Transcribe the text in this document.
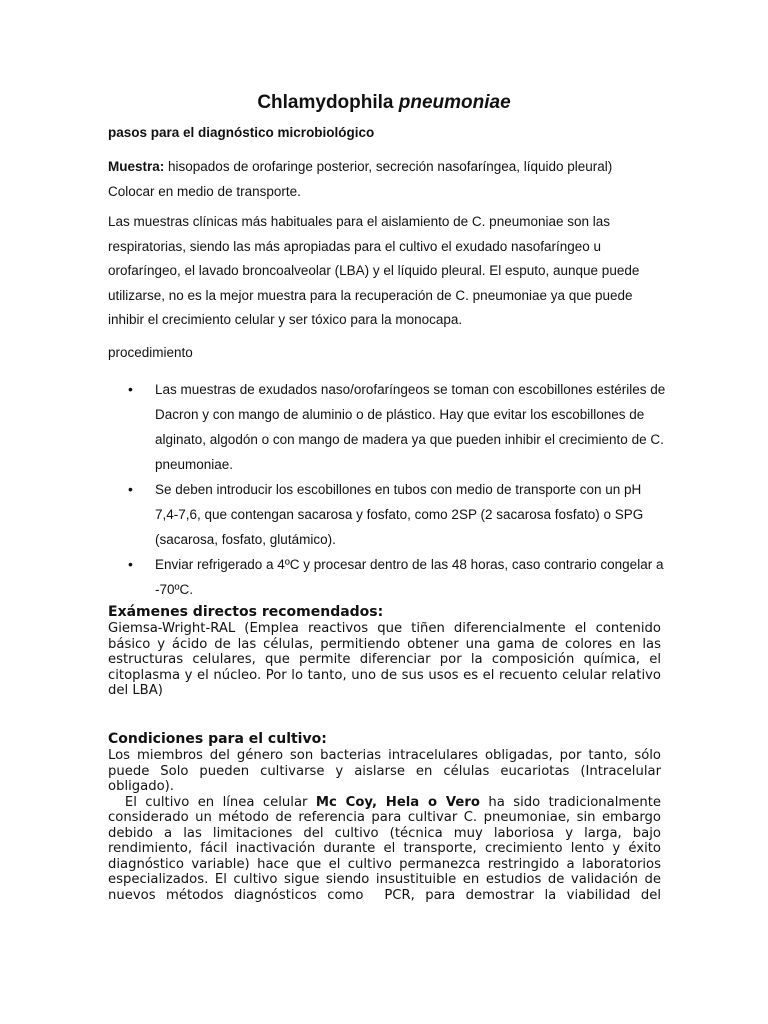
Chlamydophila pneumoniae
pasos para el diagnóstico microbiológico
Muestra: hisopados de orofaringe posterior, secreción nasofaríngea, líquido pleural)
Colocar en medio de transporte.
Las muestras clínicas más habituales para el aislamiento de C. pneumoniae son las respiratorias, siendo las más apropiadas para el cultivo el exudado nasofaríngeo u orofaríngeo, el lavado broncoalveolar (LBA) y el líquido pleural. El esputo, aunque puede utilizarse, no es la mejor muestra para la recuperación de C. pneumoniae ya que puede inhibir el crecimiento celular y ser tóxico para la monocapa.
procedimiento
• Las muestras de exudados naso/orofaríngeos se toman con escobillones estériles de Dacron y con mango de aluminio o de plástico. Hay que evitar los escobillones de alginato, algodón o con mango de madera ya que pueden inhibir el crecimiento de C. pneumoniae.
• Se deben introducir los escobillones en tubos con medio de transporte con un pH 7,4-7,6, que contengan sacarosa y fosfato, como 2SP (2 sacarosa fosfato) o SPG (sacarosa, fosfato, glutámico).
• Enviar refrigerado a 4ºC y procesar dentro de las 48 horas, caso contrario congelar a -70ºC.
Exámenes directos recomendados:

Giemsa-Wright-RAL (Emplea reactivos que tiñen diferencialmente el contenido básico y ácido de las células, permitiendo obtener una gama de colores en las estructuras celulares, que permite diferenciar por la composición química, el citoplasma y el núcleo. Por lo tanto, uno de sus usos es el recuento celular relativo del LBA)

Condiciones para el cultivo:

Los miembros del género son bacterias intracelulares obligadas, por tanto, sólo puede Solo pueden cultivarse y aislarse en células eucariotas (Intracelular obligado).

El cultivo en línea celular Mc Coy, Hela o Vero ha sido tradicionalmente considerado un método de referencia para cultivar C. pneumoniae, sin embargo debido a las limitaciones del cultivo (técnica muy laboriosa y larga, bajo rendimiento, fácil inactivación durante el transporte, crecimiento lento y éxito diagnóstico variable) hace que el cultivo permanezca restringido a laboratorios especializados. El cultivo sigue siendo insustituible en estudios de validación de nuevos métodos diagnósticos como  PCR, para demostrar la viabilidad del
